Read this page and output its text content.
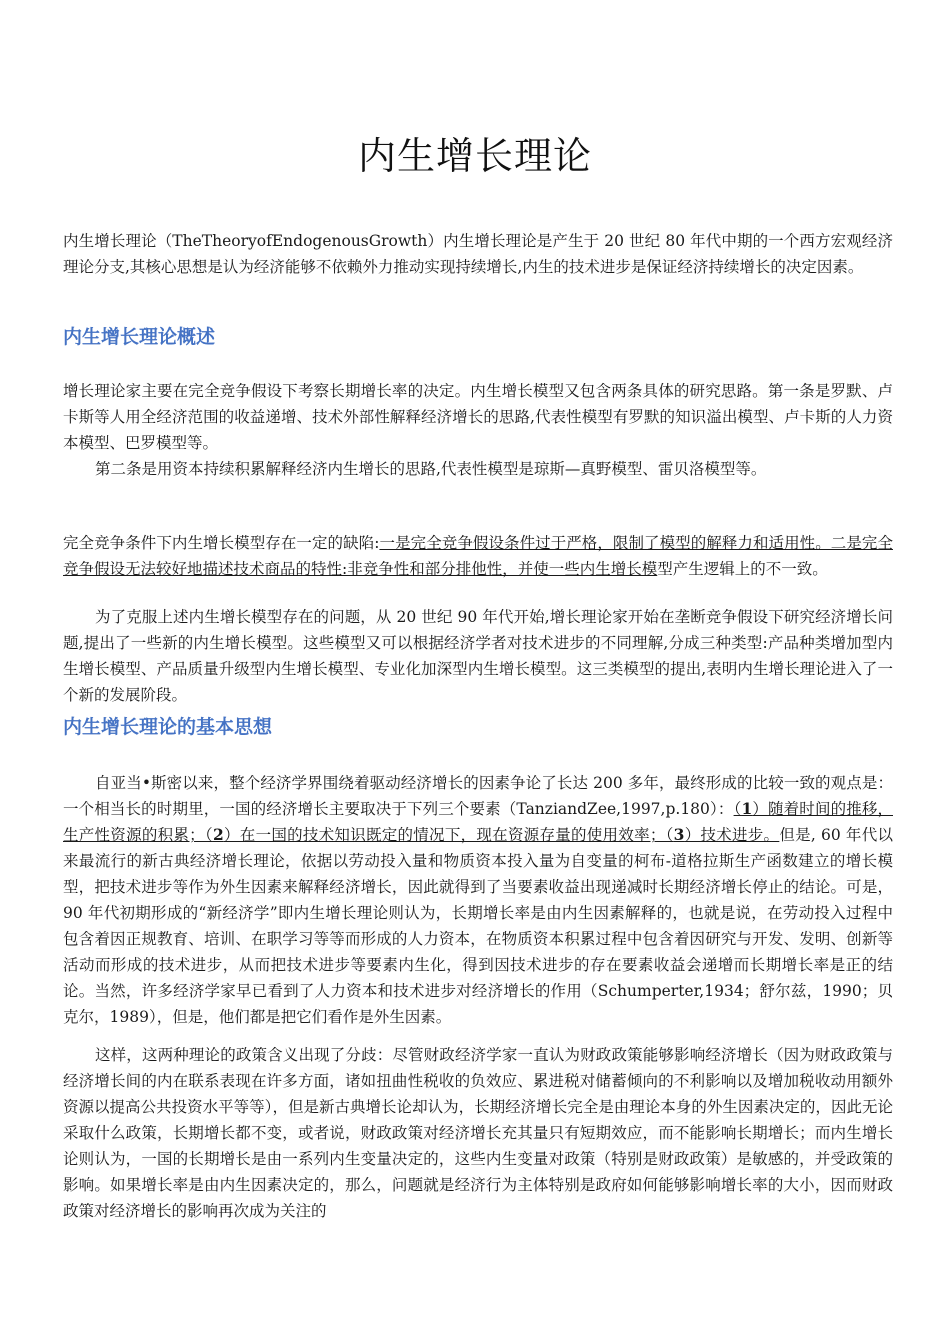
内生增长理论

内生增长理论（TheTheoryofEndogenousGrowth）内生增长理论是产生于 20 世纪 80 年代中期的一个西方宏观经济理论分支,其核心思想是认为经济能够不依赖外力推动实现持续增长,内生的技术进步是保证经济持续增长的决定因素。

内生增长理论概述

增长理论家主要在完全竞争假设下考察长期增长率的决定。内生增长模型又包含两条具体的研究思路。第一条是罗默、卢卡斯等人用全经济范围的收益递增、技术外部性解释经济增长的思路,代表性模型有罗默的知识溢出模型、卢卡斯的人力资本模型、巴罗模型等。

第二条是用资本持续积累解释经济内生增长的思路,代表性模型是琼斯—真野模型、雷贝洛模型等。

完全竞争条件下内生增长模型存在一定的缺陷:一是完全竞争假设条件过于严格，限制了模型的解释力和适用性。二是完全竞争假设无法较好地描述技术商品的特性:非竞争性和部分排他性，并使一些内生增长模型产生逻辑上的不一致。

为了克服上述内生增长模型存在的问题，从 20 世纪 90 年代开始,增长理论家开始在垄断竞争假设下研究经济增长问题,提出了一些新的内生增长模型。这些模型又可以根据经济学者对技术进步的不同理解,分成三种类型:产品种类增加型内生增长模型、产品质量升级型内生增长模型、专业化加深型内生增长模型。这三类模型的提出,表明内生增长理论进入了一个新的发展阶段。

内生增长理论的基本思想

自亚当•斯密以来，整个经济学界围绕着驱动经济增长的因素争论了长达 200 多年，最终形成的比较一致的观点是：一个相当长的时期里，一国的经济增长主要取决于下列三个要素（TanziandZee,1997,p.180）：（1）随着时间的推移，生产性资源的积累；（2）在一国的技术知识既定的情况下，现在资源存量的使用效率；（3）技术进步。但是, 60 年代以来最流行的新古典经济增长理论，依据以劳动投入量和物质资本投入量为自变量的柯布-道格拉斯生产函数建立的增长模型，把技术进步等作为外生因素来解释经济增长，因此就得到了当要素收益出现递减时长期经济增长停止的结论。可是，90 年代初期形成的“新经济学”即内生增长理论则认为，长期增长率是由内生因素解释的，也就是说，在劳动投入过程中包含着因正规教育、培训、在职学习等等而形成的人力资本，在物质资本积累过程中包含着因研究与开发、发明、创新等活动而形成的技术进步，从而把技术进步等要素内生化，得到因技术进步的存在要素收益会递增而长期增长率是正的结论。当然，许多经济学家早已看到了人力资本和技术进步对经济增长的作用（Schumperter,1934；舒尔兹，1990；贝克尔，1989），但是，他们都是把它们看作是外生因素。

这样，这两种理论的政策含义出现了分歧：尽管财政经济学家一直认为财政政策能够影响经济增长（因为财政政策与经济增长间的内在联系表现在许多方面，诸如扭曲性税收的负效应、累进税对储蓄倾向的不利影响以及增加税收动用额外资源以提高公共投资水平等等），但是新古典增长论却认为，长期经济增长完全是由理论本身的外生因素决定的，因此无论采取什么政策，长期增长都不变，或者说，财政政策对经济增长充其量只有短期效应，而不能影响长期增长；而内生增长论则认为，一国的长期增长是由一系列内生变量决定的，这些内生变量对政策（特别是财政政策）是敏感的，并受政策的影响。如果增长率是由内生因素决定的，那么，问题就是经济行为主体特别是政府如何能够影响增长率的大小，因而财政政策对经济增长的影响再次成为关注的
